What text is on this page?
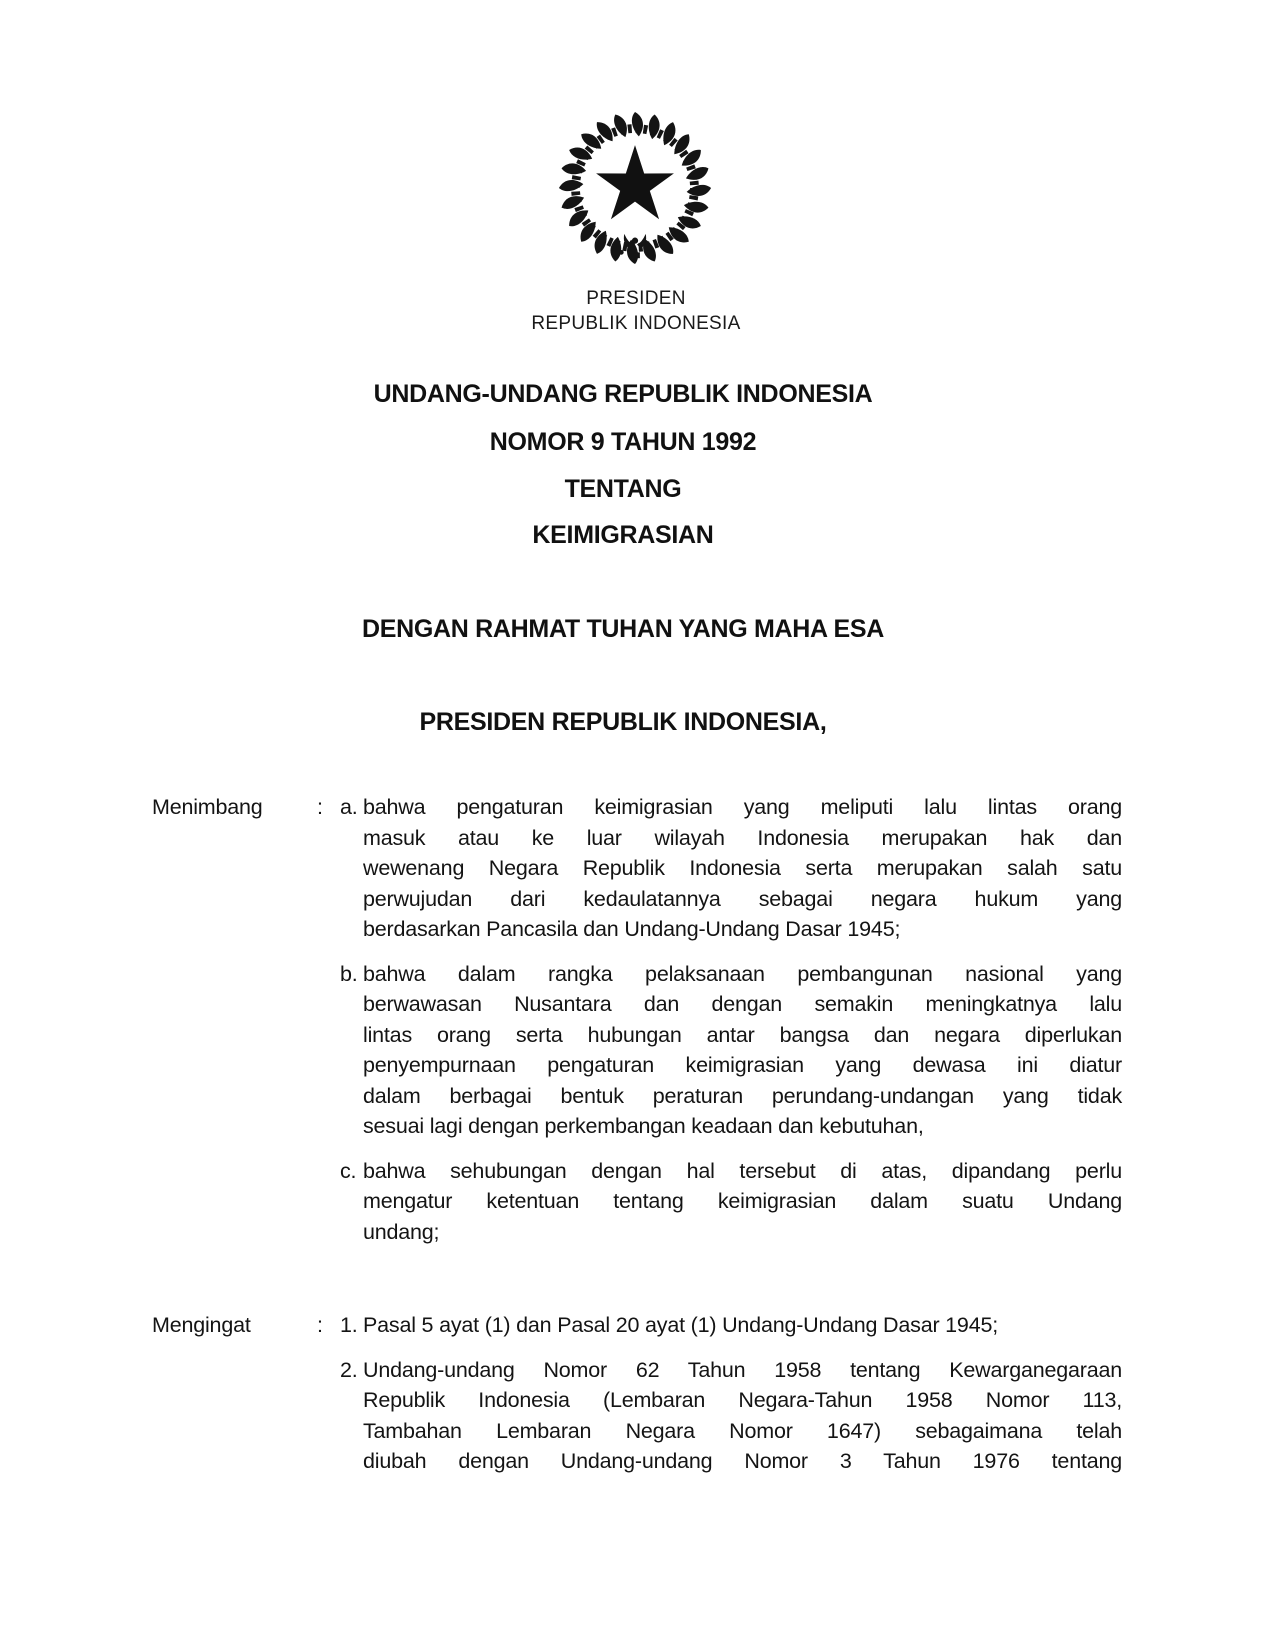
PRESIDEN
REPUBLIK INDONESIA
UNDANG-UNDANG REPUBLIK INDONESIA
NOMOR 9 TAHUN 1992
TENTANG
KEIMIGRASIAN
DENGAN RAHMAT TUHAN YANG MAHA ESA
PRESIDEN REPUBLIK INDONESIA,
Menimbang	: a. bahwa pengaturan keimigrasian yang meliputi lalu lintas orang
masuk atau ke luar wilayah Indonesia merupakan hak dan
wewenang Negara Republik Indonesia serta merupakan salah satu
perwujudan dari kedaulatannya sebagai negara hukum yang
berdasarkan Pancasila dan Undang-Undang Dasar 1945;
b. bahwa dalam rangka pelaksanaan pembangunan nasional yang
berwawasan Nusantara dan dengan semakin meningkatnya lalu
lintas orang serta hubungan antar bangsa dan negara diperlukan
penyempurnaan pengaturan keimigrasian yang dewasa ini diatur
dalam berbagai bentuk peraturan perundang-undangan yang tidak
sesuai lagi dengan perkembangan keadaan dan kebutuhan,
c. bahwa sehubungan dengan hal tersebut di atas, dipandang perlu
mengatur ketentuan tentang keimigrasian dalam suatu Undang
undang;
Mengingat	: 1. Pasal 5 ayat (1) dan Pasal 20 ayat (1) Undang-Undang Dasar 1945;
2. Undang-undang Nomor 62 Tahun 1958 tentang Kewarganegaraan
Republik Indonesia (Lembaran Negara-Tahun 1958 Nomor 113,
Tambahan Lembaran Negara Nomor 1647) sebagaimana telah
diubah dengan Undang-undang Nomor 3 Tahun 1976 tentang
